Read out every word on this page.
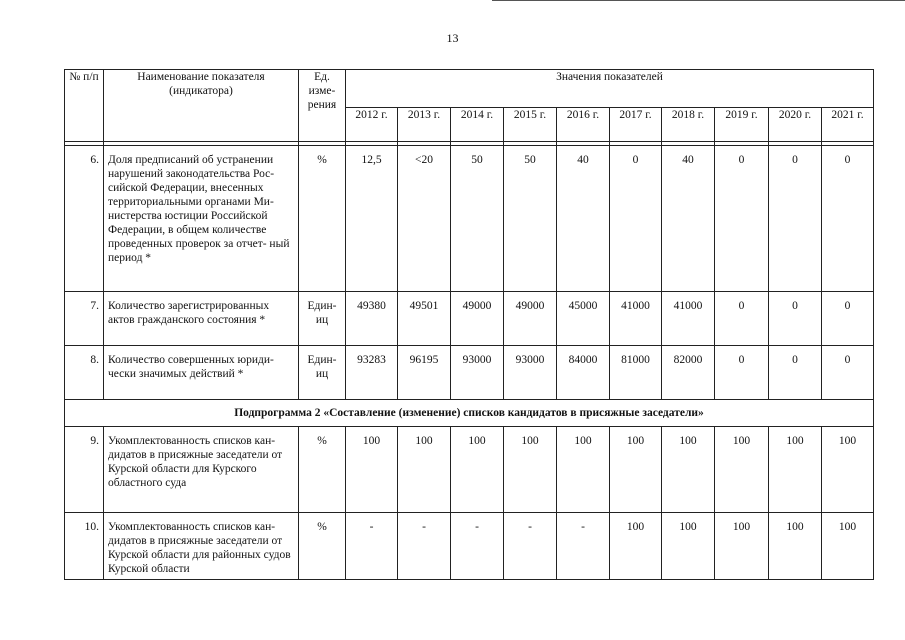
13
№ п/п	Наименование показателя (индикатора)	Ед. изме- рения	Значения показателей									
			2012 г.	2013 г.	2014 г.	2015 г.	2016 г.	2017 г.	2018 г.	2019 г.	2020 г.	2021 г.

6.	Доля предписаний об устранении нарушений законодательства Рос- сийской Федерации, внесенных территориальными органами Ми- нистерства юстиции Российской Федерации, в общем количестве проведенных проверок за отчет- ный период *	%	12,5	<20	50	50	40	0	40	0	0	0
7.	Количество зарегистрированных актов гражданского состояния *	Един- иц	49380	49501	49000	49000	45000	41000	41000	0	0	0
8.	Количество совершенных юриди- чески значимых действий *	Един- иц	93283	96195	93000	93000	84000	81000	82000	0	0	0
Подпрограмма 2 «Составление (изменение) списков кандидатов в присяжные заседатели»												
9.	Укомплектованность списков кан- дидатов в присяжные заседатели от Курской области для Курского областного суда	%	100	100	100	100	100	100	100	100	100	100
10.	Укомплектованность списков кан- дидатов в присяжные заседатели от Курской области для районных судов Курской области	%	-	-	-	-	-	100	100	100	100	100
